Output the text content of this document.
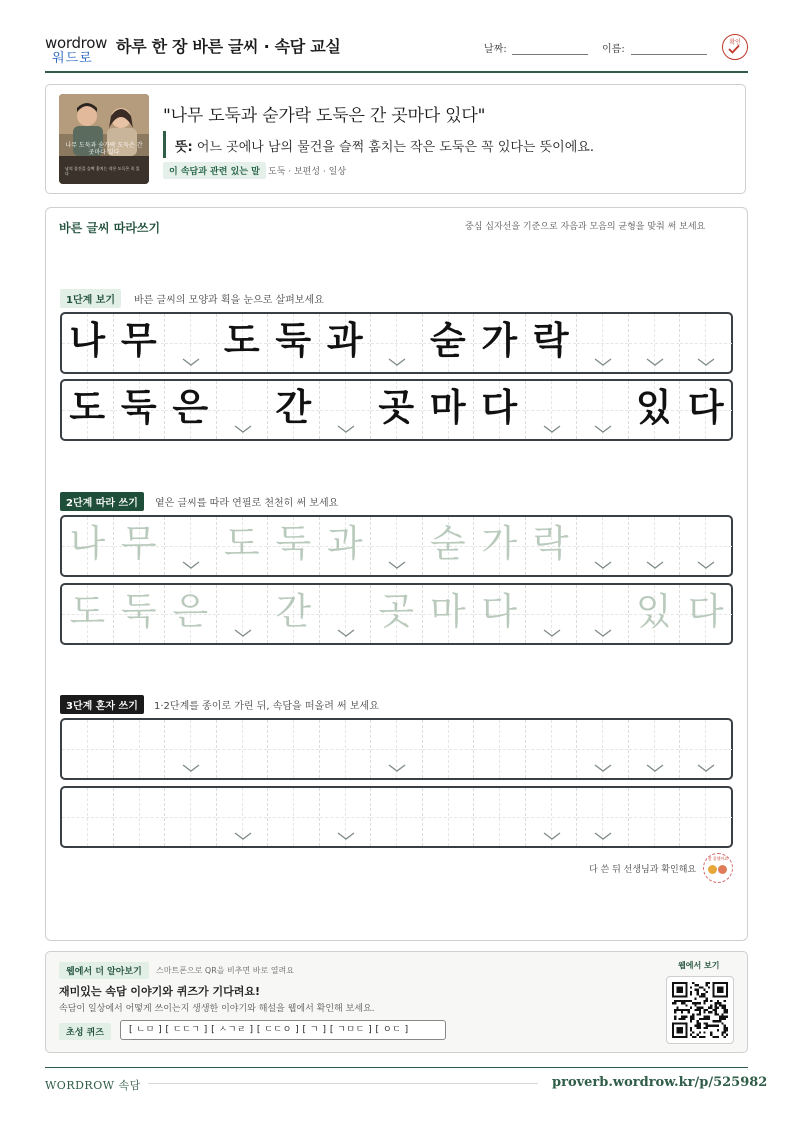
wordrow
워드로
하루 한 장 바른 글씨 · 속담 교실	날짜:	이름:
확인
나무 도둑과 숟가락 도둑은 간 곳마다 있다
남의 물건을 슬쩍 훔치는 작은 도둑은 꼭 있다
"나무 도둑과 숟가락 도둑은 간 곳마다 있다"
뜻: 어느 곳에나 남의 물건을 슬쩍 훔치는 작은 도둑은 꼭 있다는 뜻이에요.
이 속담과 관련 있는 말 도둑 · 보편성 · 일상
바른 글씨 따라쓰기	중심 십자선을 기준으로 자음과 모음의 균형을 맞춰 써 보세요
1단계 보기	바른 글씨의 모양과 획을 눈으로 살펴보세요
나 무 도 둑 과 숟 가 락
도 둑 은 간 곳 마 다	있 다
2단계 따라 쓰기	옅은 글씨를 따라 연필로 천천히 써 보세요
나 무 도 둑 과 숟 가 락
도 둑 은 간 곳 마 다	있 다
3단계 혼자 쓰기	1·2단계를 종이로 가린 뒤, 속담을 떠올려 써 보세요
다 쓴 뒤 선생님과 확인해요
참 잘했어요
웹에서 더 알아보기	스마트폰으로 QR을 비추면 바로 열려요
재미있는 속담 이야기와 퀴즈가 기다려요!
속담이 일상에서 어떻게 쓰이는지 생생한 이야기와 해설을 웹에서 확인해 보세요.
초성 퀴즈	[ ㄴㅁ ] [ ㄷㄷㄱ ] [ ㅅㄱㄹ ] [ ㄷㄷㅇ ] [ ㄱ ] [ ㄱㅁㄷ ] [ ㅇㄷ ]
웹에서 보기
WORDROW 속담	proverb.wordrow.kr/p/525982
